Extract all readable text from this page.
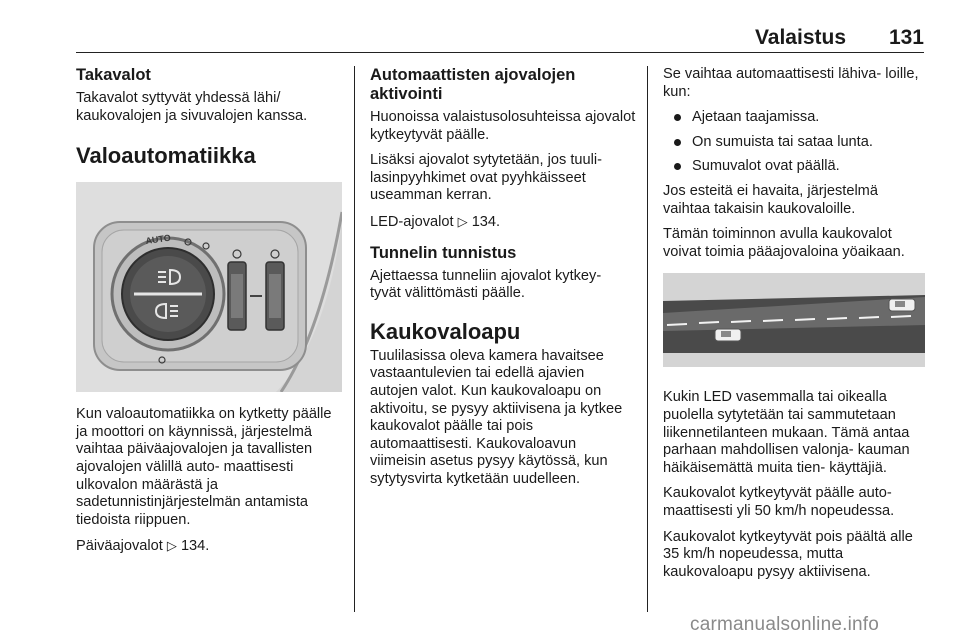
Valaistus 131
Takavalot

Takavalot syttyvät yhdessä lähi/ kaukovalojen ja sivuvalojen kanssa.

Valoautomatiikka
AUTO

Kun valoautomatiikka on kytketty päälle ja moottori on käynnissä, järjestelmä vaihtaa päiväajovalojen ja tavallisten ajovalojen välillä auto- maattisesti ulkovalon määrästä ja sadetunnistinjärjestelmän antamista tiedoista riippuen.

Päiväajovalot ▷ 134.

Automaattisten ajovalojen aktivointi

Huonoissa valaistusolosuhteissa ajovalot kytkeytyvät päälle.

Lisäksi ajovalot sytytetään, jos tuuli- lasinpyyhkimet ovat pyyhkäisseet useamman kerran.

LED-ajovalot ▷ 134.

Tunnelin tunnistus

Ajettaessa tunneliin ajovalot kytkey- tyvät välittömästi päälle.

Kaukovaloapu

Tuulilasissa oleva kamera havaitsee vastaantulevien tai edellä ajavien autojen valot. Kun kaukovaloapu on aktivoitu, se pysyy aktiivisena ja kytkee kaukovalot päälle tai pois automaattisesti. Kaukovaloavun viimeisin asetus pysyy käytössä, kun sytytysvirta kytketään uudelleen.

Se vaihtaa automaattisesti lähiva- loille, kun:

Ajetaan taajamissa.
On sumuista tai sataa lunta.
Sumuvalot ovat päällä.

Jos esteitä ei havaita, järjestelmä vaihtaa takaisin kaukovaloille.

Tämän toiminnon avulla kaukovalot voivat toimia pääajovaloina yöaikaan.

Kukin LED vasemmalla tai oikealla puolella sytytetään tai sammutetaan liikennetilanteen mukaan. Tämä antaa parhaan mahdollisen valonja- kauman häikäisemättä muita tien- käyttäjiä.

Kaukovalot kytkeytyvät päälle auto- maattisesti yli 50 km/h nopeudessa.

Kaukovalot kytkeytyvät pois päältä alle 35 km/h nopeudessa, mutta kaukovaloapu pysyy aktiivisena.

carmanualsonline.info
